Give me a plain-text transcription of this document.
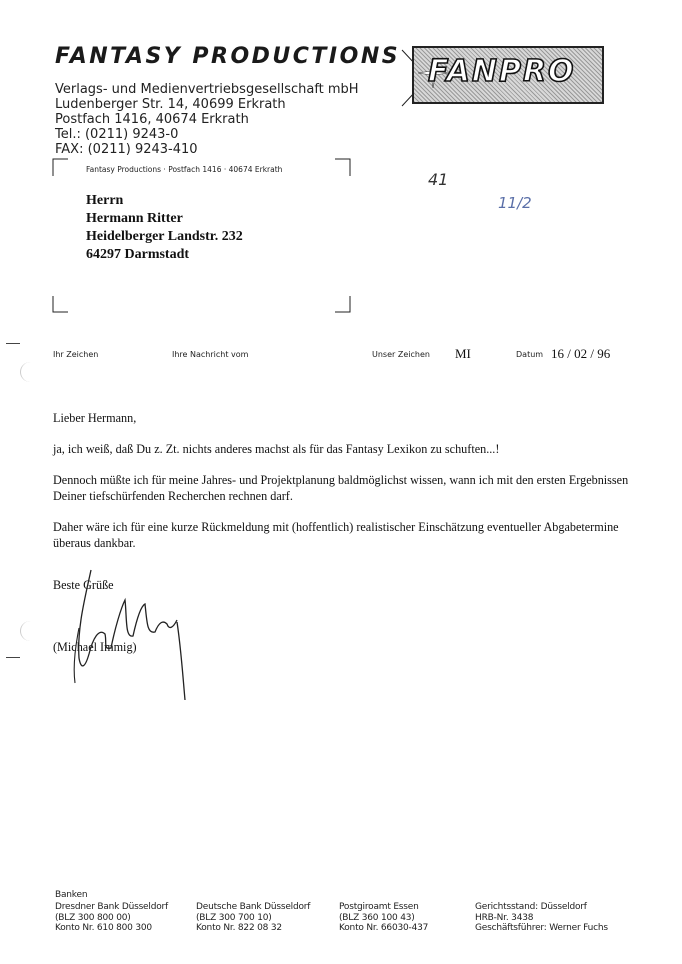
FANTASY PRODUCTIONS FANPRO
Verlags- und Medienvertriebsgesellschaft mbH
Ludenberger Str. 14, 40699 Erkrath
Postfach 1416, 40674 Erkrath
Tel.: (0211) 9243-0
FAX: (0211) 9243-410
Fantasy Productions · Postfach 1416 · 40674 Erkrath
Herrn
Hermann Ritter
Heidelberger Landstr. 232
64297 Darmstadt
41
11/2
Ihr Zeichen	Ihre Nachricht vom	Unser Zeichen MI	Datum 16 / 02 / 96

Lieber Hermann,

ja, ich weiß, daß Du z. Zt. nichts anderes machst als für das Fantasy Lexikon zu schuften...!

Dennoch müßte ich für meine Jahres- und Projektplanung baldmöglichst wissen, wann ich mit den ersten Ergebnissen Deiner tiefschürfenden Recherchen rechnen darf.

Daher wäre ich für eine kurze Rückmeldung mit (hoffentlich) realistischer Einschätzung eventueller Abgabetermine überaus dankbar.

Beste Grüße
(Michael Immig)
Banken
Dresdner Bank Düsseldorf
(BLZ 300 800 00)
Konto Nr. 610 800 300
Deutsche Bank Düsseldorf
(BLZ 300 700 10)
Konto Nr. 822 08 32
Postgiroamt Essen
(BLZ 360 100 43)
Konto Nr. 66030-437
Gerichtsstand: Düsseldorf
HRB-Nr. 3438
Geschäftsführer: Werner Fuchs
